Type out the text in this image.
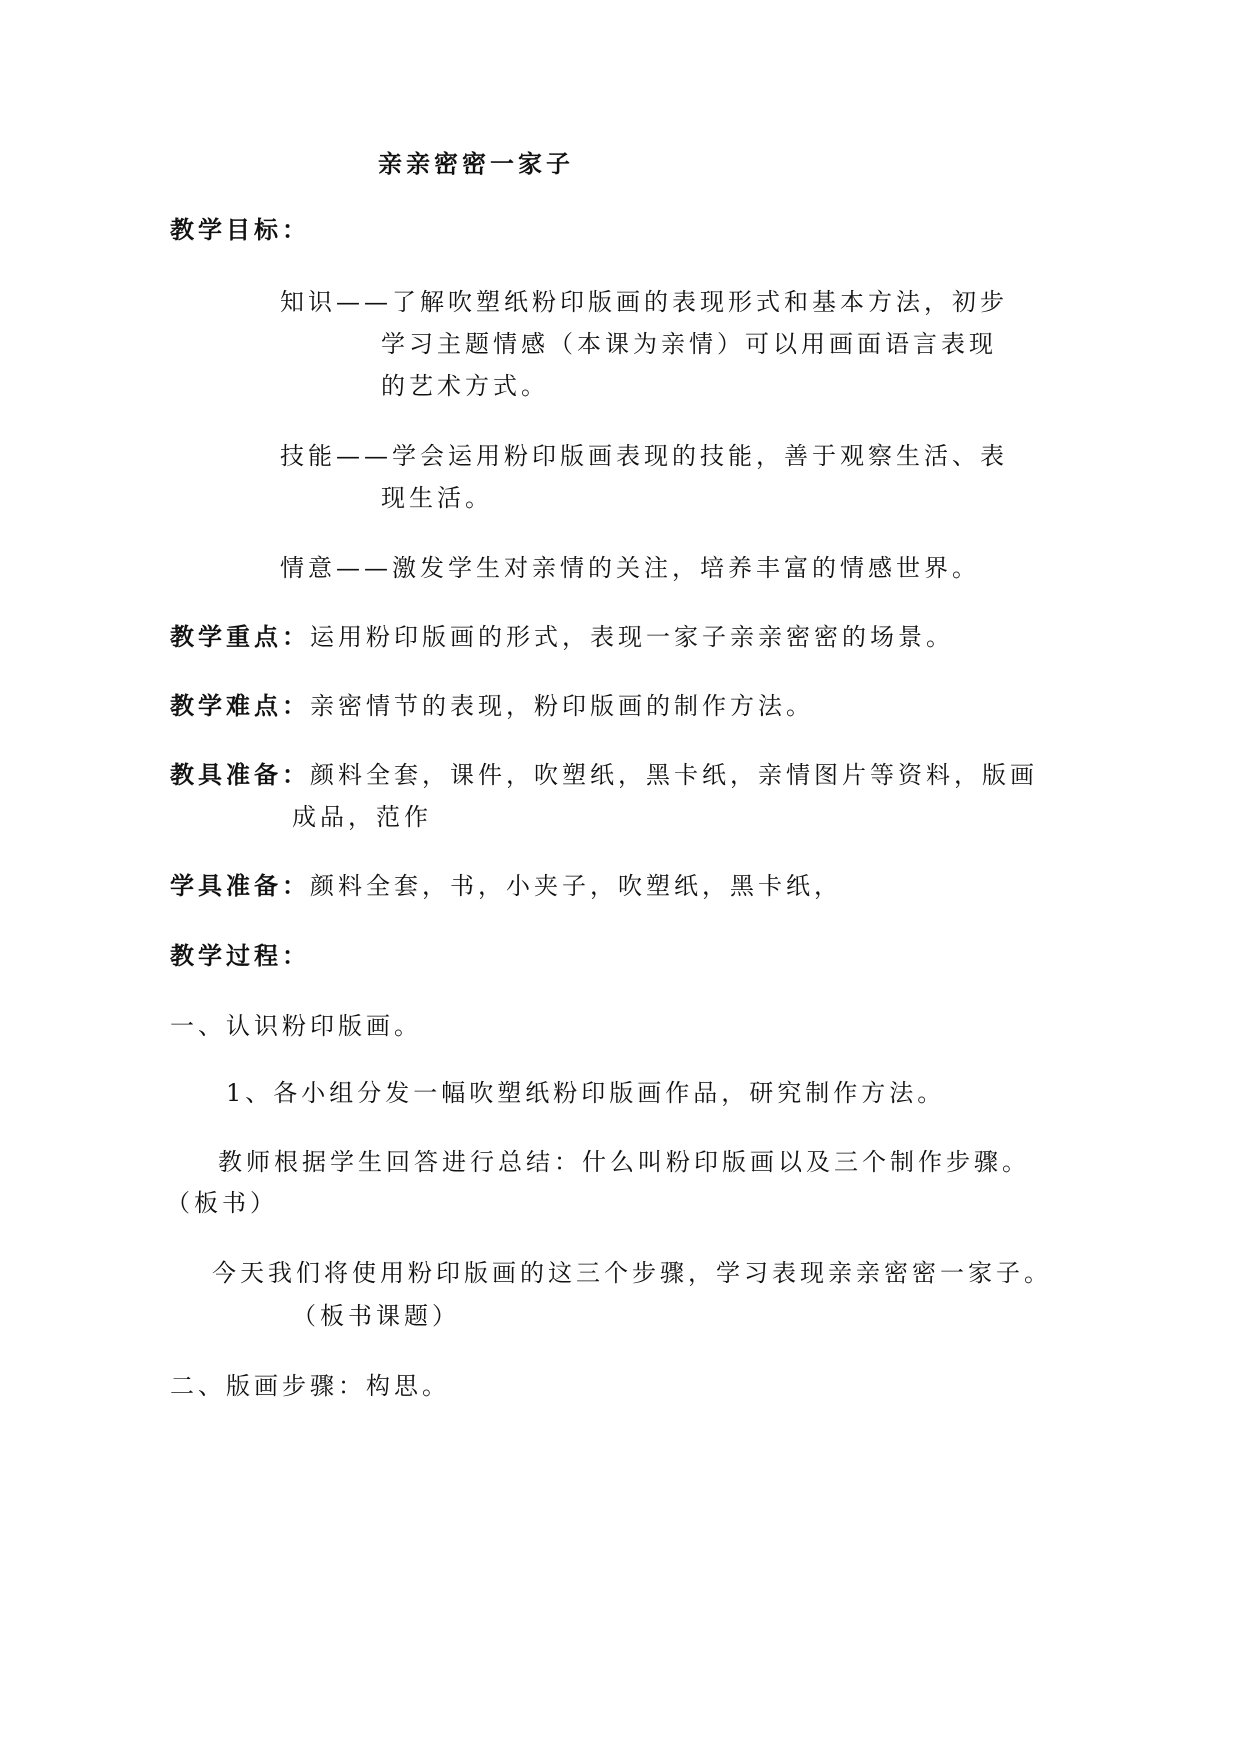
亲亲密密一家子
教学目标：
知识——了解吹塑纸粉印版画的表现形式和基本方法，初步
学习主题情感（本课为亲情）可以用画面语言表现
的艺术方式。
技能——学会运用粉印版画表现的技能，善于观察生活、表
现生活。
情意——激发学生对亲情的关注，培养丰富的情感世界。
教学重点：运用粉印版画的形式，表现一家子亲亲密密的场景。
教学难点：亲密情节的表现，粉印版画的制作方法。
教具准备：颜料全套，课件，吹塑纸，黑卡纸，亲情图片等资料，版画
成品，范作
学具准备：颜料全套，书，小夹子，吹塑纸，黑卡纸，
教学过程：
一、认识粉印版画。
1、各小组分发一幅吹塑纸粉印版画作品，研究制作方法。
教师根据学生回答进行总结：什么叫粉印版画以及三个制作步骤。
（板书）
今天我们将使用粉印版画的这三个步骤，学习表现亲亲密密一家子。
（板书课题）
二、版画步骤：构思。
